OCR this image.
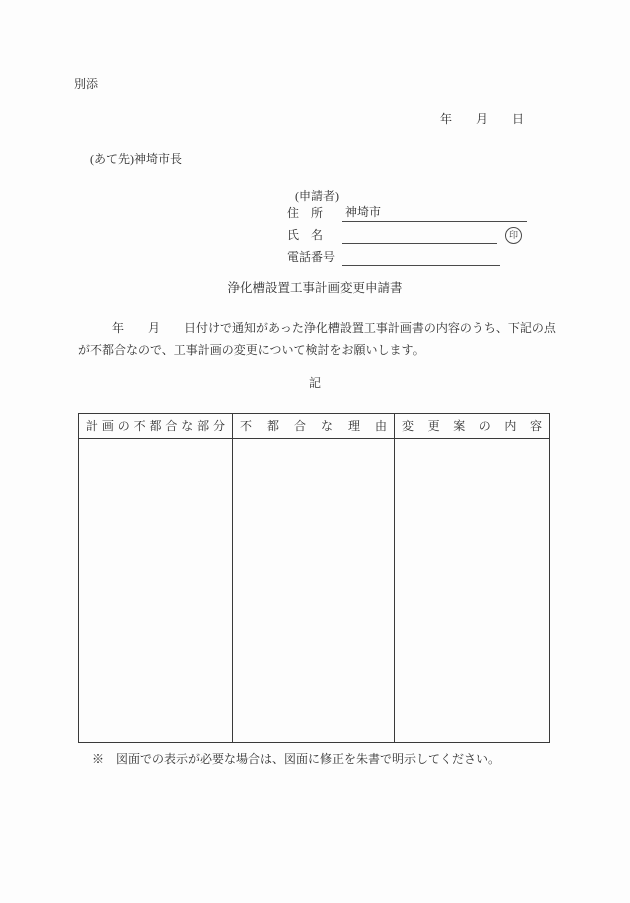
別添
年　　月　　日
(あて先)神埼市長
(申請者)
住　所 神埼市
氏　名
電話番号
印
浄化槽設置工事計画変更申請書
年　　月　　日付けで通知があった浄化槽設置工事計画書の内容のうち、下記の点が不都合なので、工事計画の変更について検討をお願いします。
記
計 画 の 不 都 合 な 部 分	不 都 合 な 理 由	変 更 案 の 内 容
※　図面での表示が必要な場合は、図面に修正を朱書で明示してください。
